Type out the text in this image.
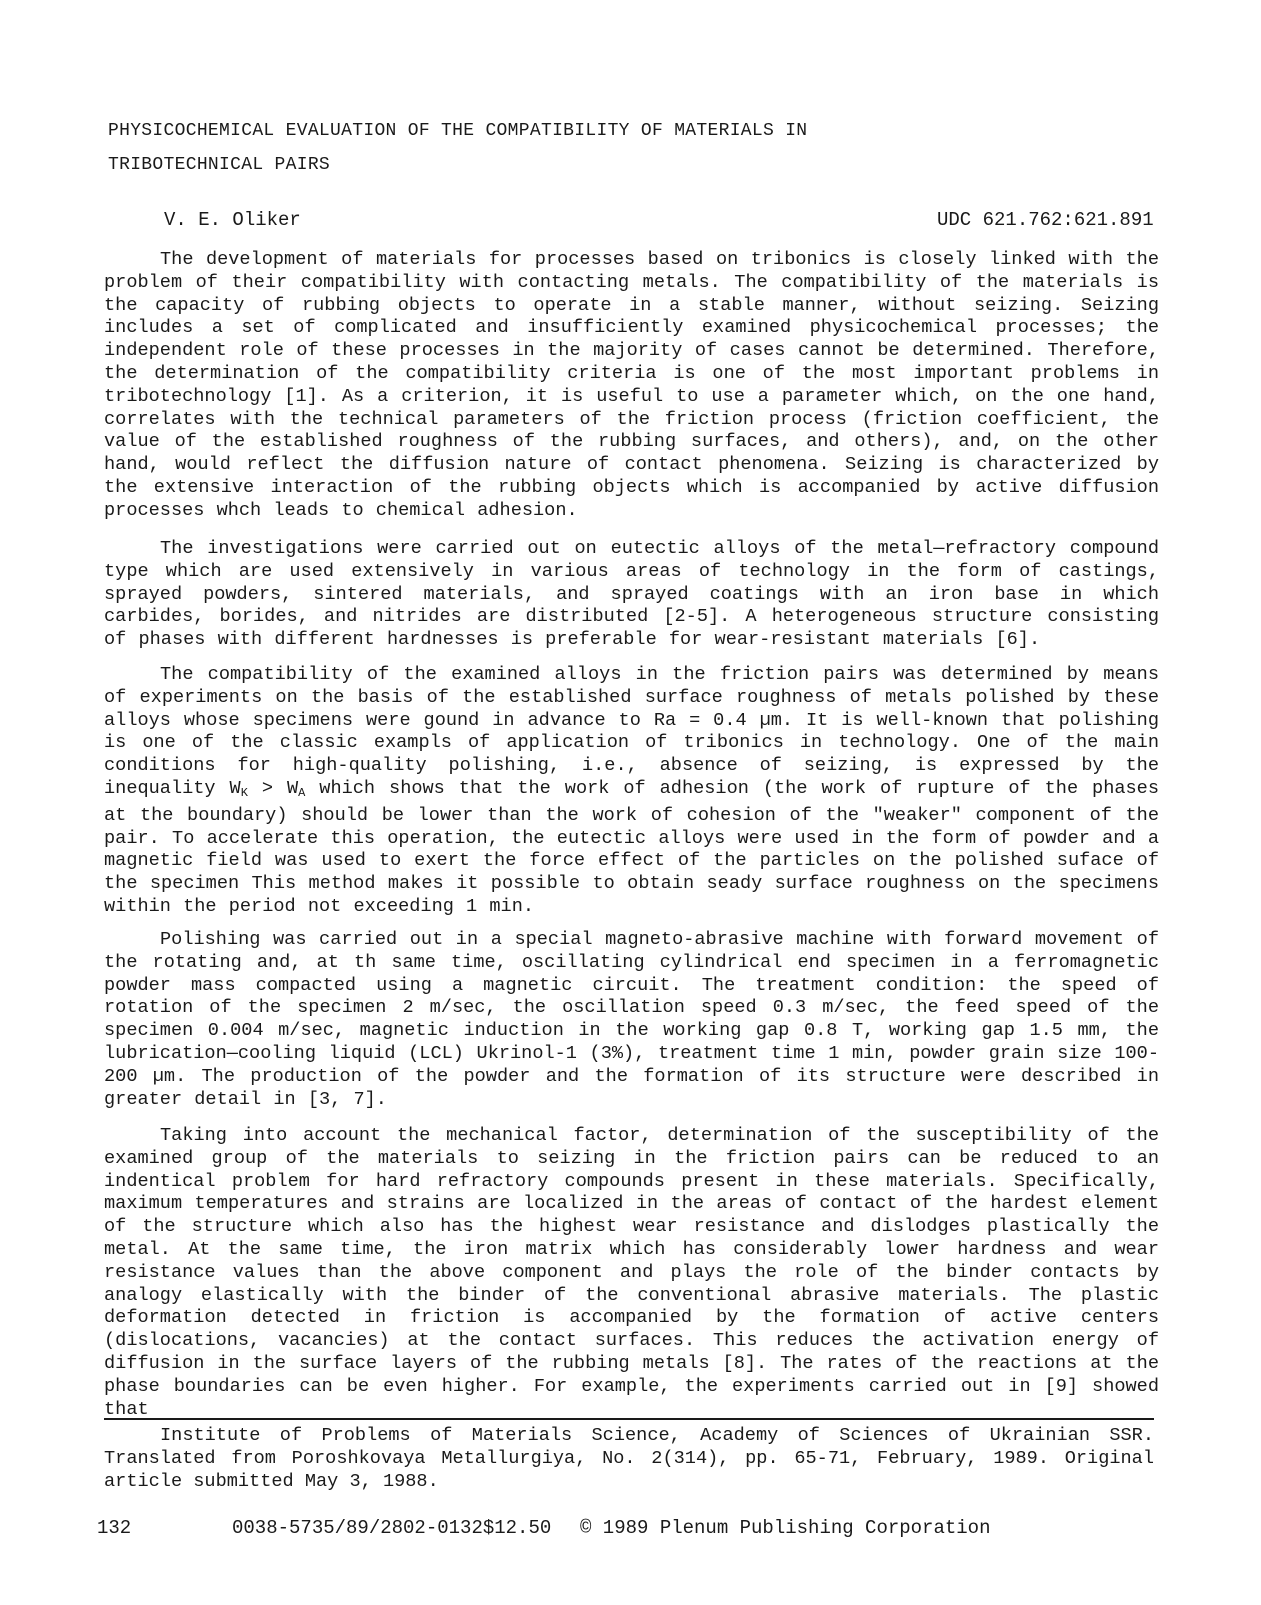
PHYSICOCHEMICAL EVALUATION OF THE COMPATIBILITY OF MATERIALS IN
TRIBOTECHNICAL PAIRS
V. E. Oliker	UDC 621.762:621.891

The development of materials for processes based on tribonics is closely linked with the problem of their compatibility with contacting metals. The compatibility of the materials is the capacity of rubbing objects to operate in a stable manner, without seizing. Seizing includes a set of complicated and insufficiently examined physicochemical processes; the independent role of these processes in the majority of cases cannot be determined. Therefore, the determination of the compatibility criteria is one of the most important problems in tribotechnology [1]. As a criterion, it is useful to use a parameter which, on the one hand, correlates with the technical parameters of the friction process (friction coefficient, the value of the established roughness of the rubbing surfaces, and others), and, on the other hand, would reflect the diffusion nature of contact phenomena. Seizing is characterized by the extensive interaction of the rubbing objects which is accompanied by active diffusion processes whch leads to chemical adhesion.

The investigations were carried out on eutectic alloys of the metal—refractory compound type which are used extensively in various areas of technology in the form of castings, sprayed powders, sintered materials, and sprayed coatings with an iron base in which carbides, borides, and nitrides are distributed [2-5]. A heterogeneous structure consisting of phases with different hardnesses is preferable for wear-resistant materials [6].

The compatibility of the examined alloys in the friction pairs was determined by means of experiments on the basis of the established surface roughness of metals polished by these alloys whose specimens were gound in advance to Ra = 0.4 µm. It is well-known that polishing is one of the classic exampls of application of tribonics in technology. One of the main conditions for high-quality polishing, i.e., absence of seizing, is expressed by the inequality $W_K > W_A$ which shows that the work of adhesion (the work of rupture of the phases at the boundary) should be lower than the work of cohesion of the "weaker" component of the pair. To accelerate this operation, the eutectic alloys were used in the form of powder and a magnetic field was used to exert the force effect of the particles on the polished suface of the specimen This method makes it possible to obtain seady surface roughness on the specimens within the period not exceeding 1 min.

Polishing was carried out in a special magneto-abrasive machine with forward movement of the rotating and, at th same time, oscillating cylindrical end specimen in a ferromagnetic powder mass compacted using a magnetic circuit. The treatment condition: the speed of rotation of the specimen 2 m/sec, the oscillation speed 0.3 m/sec, the feed speed of the specimen 0.004 m/sec, magnetic induction in the working gap 0.8 T, working gap 1.5 mm, the lubrication—cooling liquid (LCL) Ukrinol-1 (3%), treatment time 1 min, powder grain size 100-200 µm. The production of the powder and the formation of its structure were described in greater detail in [3, 7].

Taking into account the mechanical factor, determination of the susceptibility of the examined group of the materials to seizing in the friction pairs can be reduced to an indentical problem for hard refractory compounds present in these materials. Specifically, maximum temperatures and strains are localized in the areas of contact of the hardest element of the structure which also has the highest wear resistance and dislodges plastically the metal. At the same time, the iron matrix which has considerably lower hardness and wear resistance values than the above component and plays the role of the binder contacts by analogy elastically with the binder of the conventional abrasive materials. The plastic deformation detected in friction is accompanied by the formation of active centers (dislocations, vacancies) at the contact surfaces. This reduces the activation energy of diffusion in the surface layers of the rubbing metals [8]. The rates of the reactions at the phase boundaries can be even higher. For example, the experiments carried out in [9] showed that

Institute of Problems of Materials Science, Academy of Sciences of Ukrainian SSR. Translated from Poroshkovaya Metallurgiya, No. 2(314), pp. 65-71, February, 1989. Original article submitted May 3, 1988.

132	0038-5735/89/2802-0132$12.50 © 1989 Plenum Publishing Corporation
